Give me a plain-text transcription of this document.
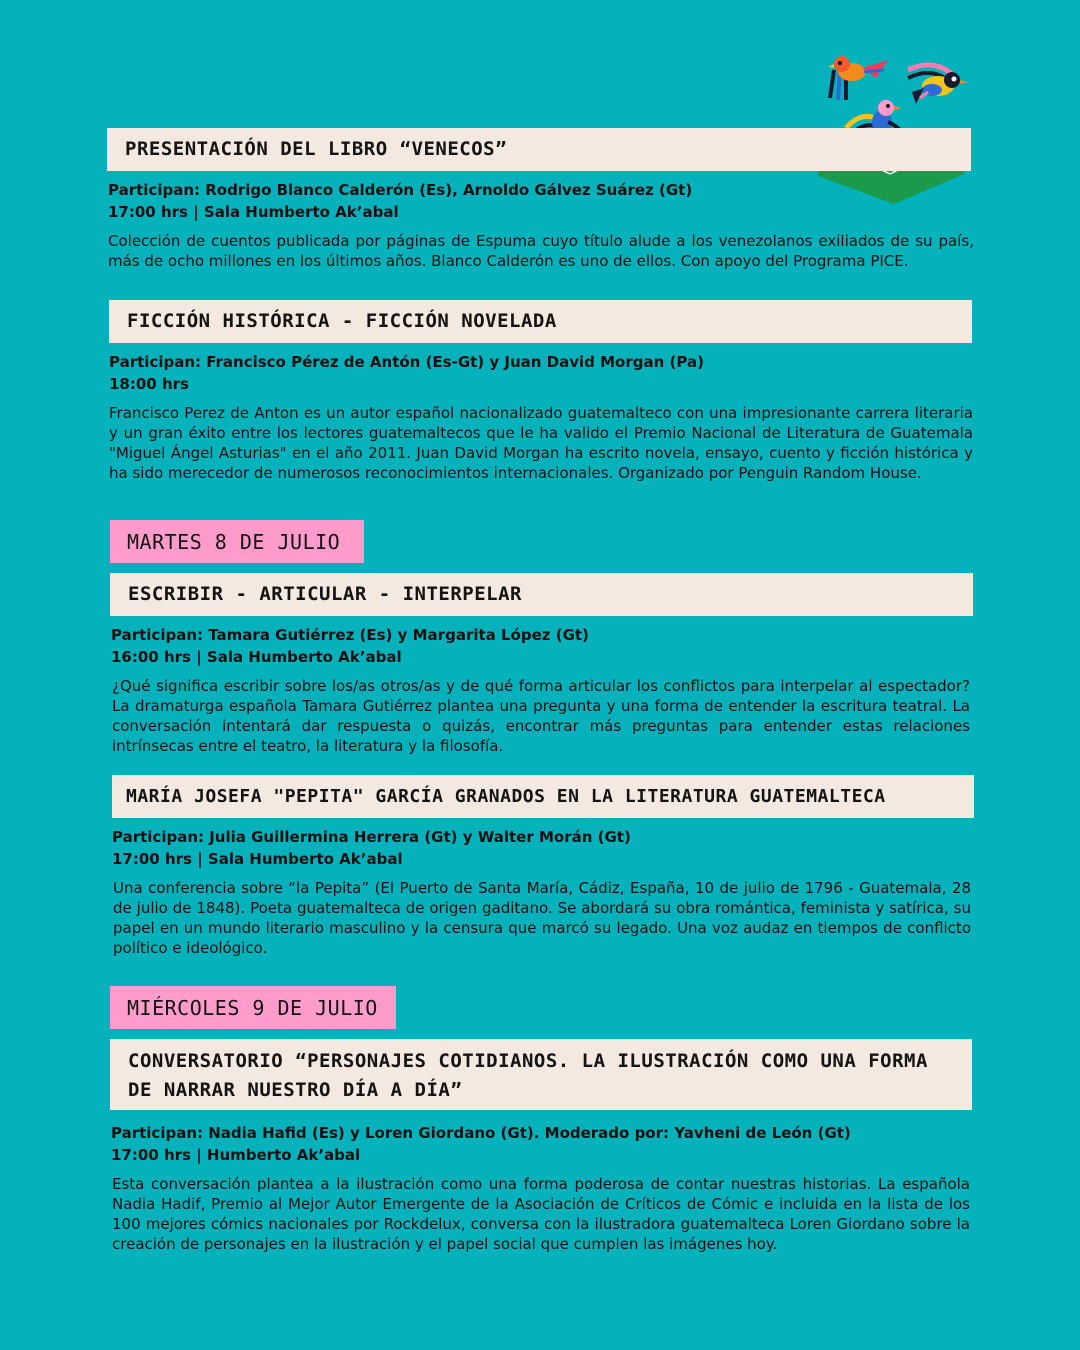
PRESENTACIÓN DEL LIBRO “VENECOS”
Participan: Rodrigo Blanco Calderón (Es), Arnoldo Gálvez Suárez (Gt)
17:00 hrs | Sala Humberto Ak’abal
Colección de cuentos publicada por páginas de Espuma cuyo título alude a los venezolanos exiliados de su país, más de ocho millones en los últimos años. Blanco Calderón es uno de ellos. Con apoyo del Programa PICE.
FICCIÓN HISTÓRICA - FICCIÓN NOVELADA
Participan: Francisco Pérez de Antón (Es-Gt) y Juan David Morgan (Pa)
18:00 hrs
Francisco Perez de Anton es un autor español nacionalizado guatemalteco con una impresionante carrera literaria y un gran éxito entre los lectores guatemaltecos que le ha valido el Premio Nacional de Literatura de Guatemala "Miguel Ángel Asturias" en el año 2011. Juan David Morgan ha escrito novela, ensayo, cuento y ficción histórica y ha sido merecedor de numerosos reconocimientos internacionales. Organizado por Penguin Random House.
MARTES 8 DE JULIO
ESCRIBIR - ARTICULAR - INTERPELAR
Participan: Tamara Gutiérrez (Es) y Margarita López (Gt)
16:00 hrs | Sala Humberto Ak’abal
¿Qué significa escribir sobre los/as otros/as y de qué forma articular los conflictos para interpelar al espectador? La dramaturga española Tamara Gutiérrez plantea una pregunta y una forma de entender la escritura teatral. La conversación intentará dar respuesta o quizás, encontrar más preguntas para entender estas relaciones intrínsecas entre el teatro, la literatura y la filosofía.
MARÍA JOSEFA "PEPITA" GARCÍA GRANADOS EN LA LITERATURA GUATEMALTECA
Participan: Julia Guillermina Herrera (Gt) y Walter Morán (Gt)
17:00 hrs | Sala Humberto Ak’abal
Una conferencia sobre “la Pepita” (El Puerto de Santa María, Cádiz, España, 10 de julio de 1796 - Guatemala, 28 de julio de 1848). Poeta guatemalteca de origen gaditano. Se abordará su obra romántica, feminista y satírica, su papel en un mundo literario masculino y la censura que marcó su legado. Una voz audaz en tiempos de conflicto político e ideológico.
MIÉRCOLES 9 DE JULIO
CONVERSATORIO “PERSONAJES COTIDIANOS. LA ILUSTRACIÓN COMO UNA FORMA DE NARRAR NUESTRO DÍA A DÍA”
Participan: Nadia Hafid (Es) y Loren Giordano (Gt). Moderado por: Yavheni de León (Gt)
17:00 hrs | Humberto Ak’abal
Esta conversación plantea a la ilustración como una forma poderosa de contar nuestras historias. La española Nadia Hadif, Premio al Mejor Autor Emergente de la Asociación de Críticos de Cómic e incluida en la lista de los 100 mejores cómics nacionales por Rockdelux, conversa con la ilustradora guatemalteca Loren Giordano sobre la creación de personajes en la ilustración y el papel social que cumplen las imágenes hoy.
